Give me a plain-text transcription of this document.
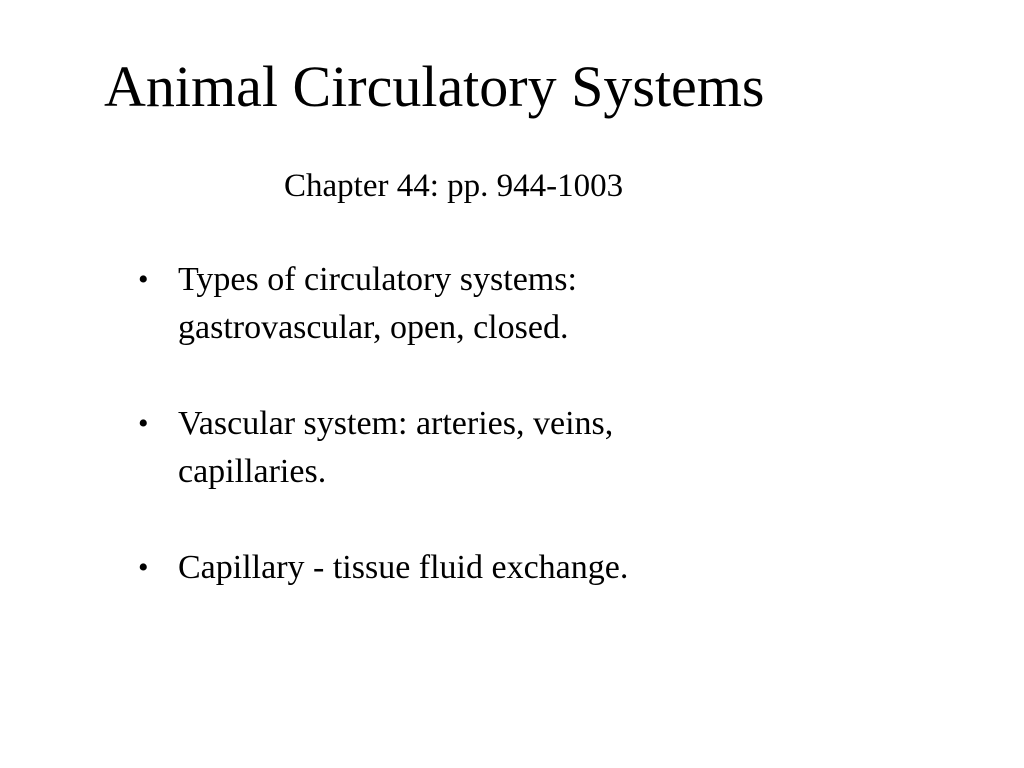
Animal Circulatory Systems
Chapter 44: pp. 944-1003
• Types of circulatory systems:
gastrovascular, open, closed.
• Vascular system: arteries, veins,
capillaries.
• Capillary - tissue fluid exchange.
